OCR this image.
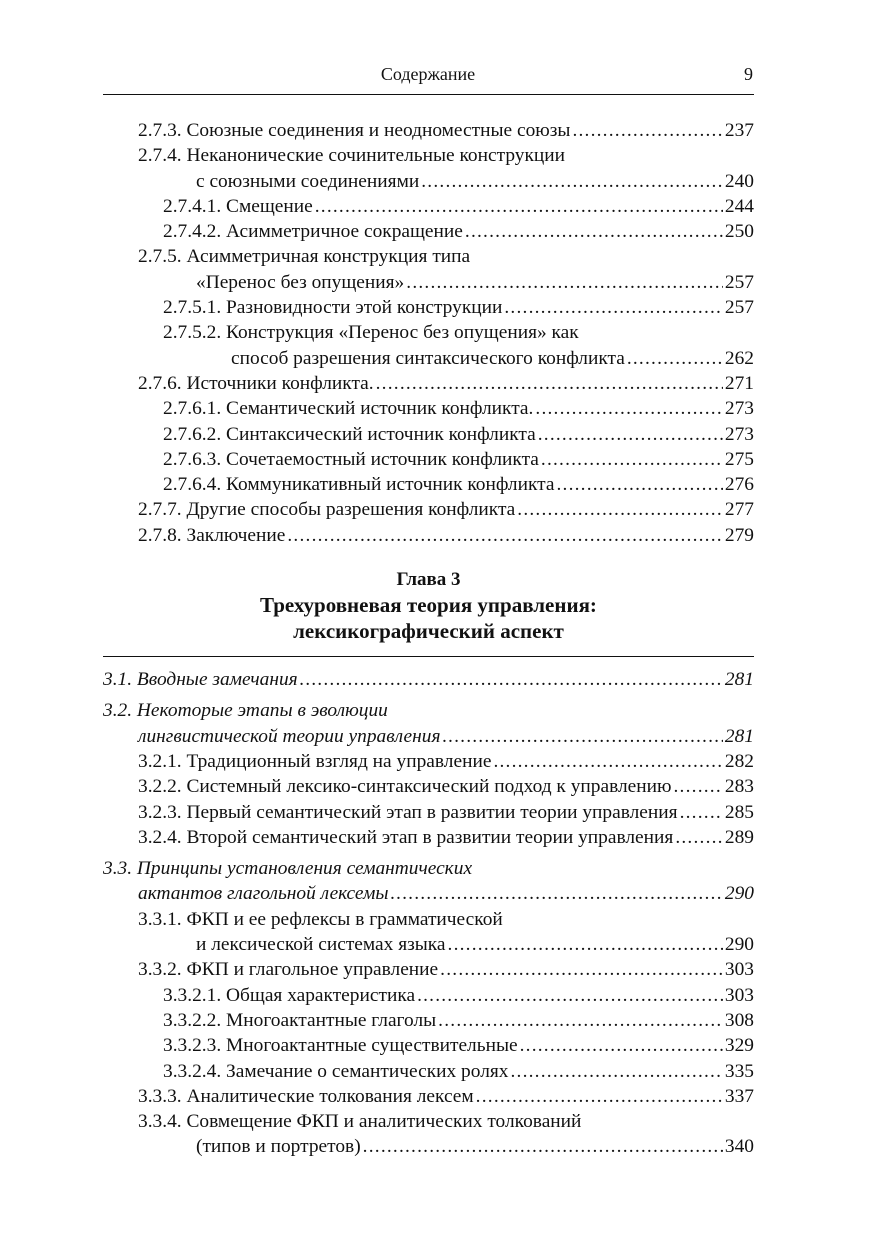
Содержание	9
2.7.3. Союзные соединения и неодноместные союзы .....	237
2.7.4. Неканонические сочинительные конструкции
с союзными соединениями .....	240
2.7.4.1. Смещение .....	244
2.7.4.2. Асимметричное сокращение .....	250
2.7.5. Асимметричная конструкция типа
«Перенос без опущения» .....	257
2.7.5.1. Разновидности этой конструкции .....	257
2.7.5.2. Конструкция «Перенос без опущения» как
способ разрешения синтаксического конфликта .....	262
2.7.6. Источники конфликта. .....	271
2.7.6.1. Семантический источник конфликта. .....	273
2.7.6.2. Синтаксический источник конфликта .....	273
2.7.6.3. Сочетаемостный источник конфликта .....	275
2.7.6.4. Коммуникативный источник конфликта .....	276
2.7.7. Другие способы разрешения конфликта .....	277
2.7.8. Заключение .....	279
Глава 3
Трехуровневая теория управления:
лексикографический аспект
3.1. Вводные замечания .....	281
3.2. Некоторые этапы в эволюции
лингвистической теории управления .....	281
3.2.1. Традиционный взгляд на управление .....	282
3.2.2. Системный лексико-синтаксический подход к управлению .....	283
3.2.3. Первый семантический этап в развитии теории управления ..... 285
3.2.4. Второй семантический этап в развитии теории управления .....	289
3.3. Принципы установления семантических
актантов глагольной лексемы .....	290
3.3.1. ФКП и ее рефлексы в грамматической
и лексической системах языка .....	290
3.3.2. ФКП и глагольное управление .....	303
3.3.2.1. Общая характеристика .....	303
3.3.2.2. Многоактантные глаголы .....	308
3.3.2.3. Многоактантные существительные .....	329
3.3.2.4. Замечание о семантических ролях .....	335
3.3.3. Аналитические толкования лексем .....	337
3.3.4. Совмещение ФКП и аналитических толкований
(типов и портретов) .....	340
